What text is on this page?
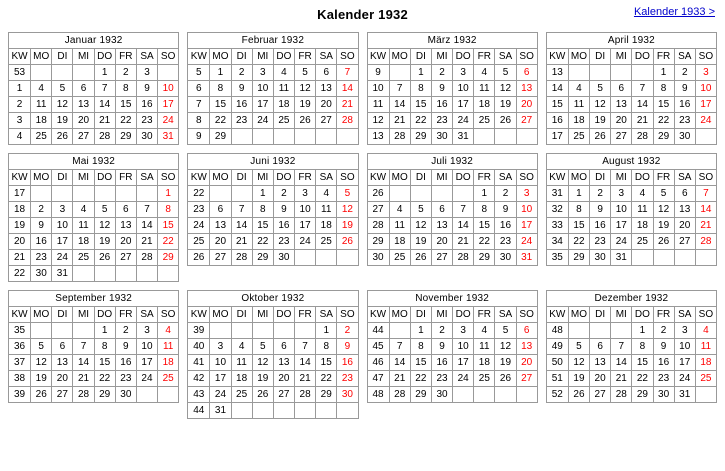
Kalender 1932	Kalender 1933 >
Januar 1932							
KW	MO	DI	MI	DO	FR	SA	SO
53				1	2	3	
1	4	5	6	7	8	9	10
2	11	12	13	14	15	16	17
3	18	19	20	21	22	23	24
4	25	26	27	28	29	30	31
Februar 1932							
KW	MO	DI	MI	DO	FR	SA	SO
5	1	2	3	4	5	6	7
6	8	9	10	11	12	13	14
7	15	16	17	18	19	20	21
8	22	23	24	25	26	27	28
9	29						
März 1932							
KW	MO	DI	MI	DO	FR	SA	SO
9		1	2	3	4	5	6
10	7	8	9	10	11	12	13
11	14	15	16	17	18	19	20
12	21	22	23	24	25	26	27
13	28	29	30	31			
April 1932							
KW	MO	DI	MI	DO	FR	SA	SO
13					1	2	3
14	4	5	6	7	8	9	10
15	11	12	13	14	15	16	17
16	18	19	20	21	22	23	24
17	25	26	27	28	29	30	
Mai 1932							
KW	MO	DI	MI	DO	FR	SA	SO
17							1
18	2	3	4	5	6	7	8
19	9	10	11	12	13	14	15
20	16	17	18	19	20	21	22
21	23	24	25	26	27	28	29
22	30	31					
Juni 1932							
KW	MO	DI	MI	DO	FR	SA	SO
22			1	2	3	4	5
23	6	7	8	9	10	11	12
24	13	14	15	16	17	18	19
25	20	21	22	23	24	25	26
26	27	28	29	30			
Juli 1932							
KW	MO	DI	MI	DO	FR	SA	SO
26					1	2	3
27	4	5	6	7	8	9	10
28	11	12	13	14	15	16	17
29	18	19	20	21	22	23	24
30	25	26	27	28	29	30	31
August 1932							
KW	MO	DI	MI	DO	FR	SA	SO
31	1	2	3	4	5	6	7
32	8	9	10	11	12	13	14
33	15	16	17	18	19	20	21
34	22	23	24	25	26	27	28
35	29	30	31				
September 1932							
KW	MO	DI	MI	DO	FR	SA	SO
35				1	2	3	4
36	5	6	7	8	9	10	11
37	12	13	14	15	16	17	18
38	19	20	21	22	23	24	25
39	26	27	28	29	30		
Oktober 1932							
KW	MO	DI	MI	DO	FR	SA	SO
39						1	2
40	3	4	5	6	7	8	9
41	10	11	12	13	14	15	16
42	17	18	19	20	21	22	23
43	24	25	26	27	28	29	30
44	31						
November 1932							
KW	MO	DI	MI	DO	FR	SA	SO
44		1	2	3	4	5	6
45	7	8	9	10	11	12	13
46	14	15	16	17	18	19	20
47	21	22	23	24	25	26	27
48	28	29	30				
Dezember 1932							
KW	MO	DI	MI	DO	FR	SA	SO
48				1	2	3	4
49	5	6	7	8	9	10	11
50	12	13	14	15	16	17	18
51	19	20	21	22	23	24	25
52	26	27	28	29	30	31	
